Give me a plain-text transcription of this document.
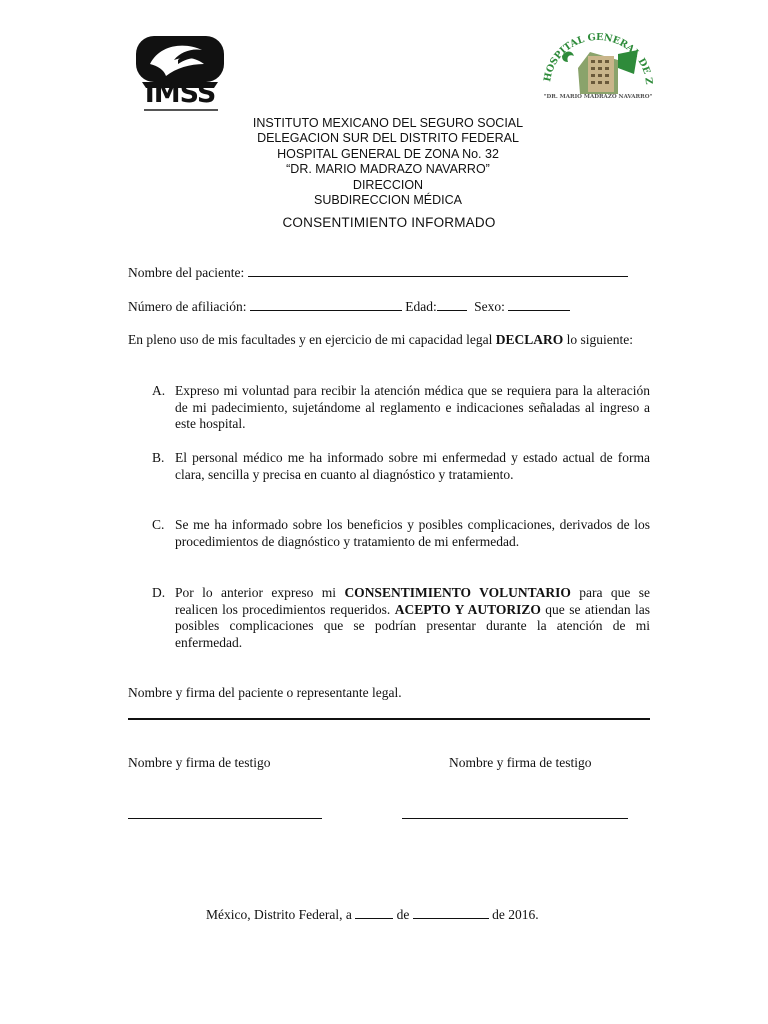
IMSS
HOSPITAL GENERAL DE Z
"DR. MARIO MADRAZO NAVARRO"
INSTITUTO MEXICANO DEL SEGURO SOCIAL
DELEGACION SUR DEL DISTRITO FEDERAL
HOSPITAL GENERAL DE ZONA No. 32
“DR. MARIO MADRAZO NAVARRO”
DIRECCION
SUBDIRECCION MÉDICA
CONSENTIMIENTO INFORMADO
Nombre del paciente:
Número de afiliación:	Edad:	Sexo:
En pleno uso de mis facultades y en ejercicio de mi capacidad legal DECLARO lo siguiente:
A. Expreso mi voluntad para recibir la atención médica que se requiera para la alteración de mi padecimiento, sujetándome al reglamento e indicaciones señaladas al ingreso a este hospital.
B. El personal médico me ha informado sobre mi enfermedad y estado actual de forma clara, sencilla y precisa en cuanto al diagnóstico y tratamiento.
C. Se me ha informado sobre los beneficios y posibles complicaciones, derivados de los procedimientos de diagnóstico y tratamiento de mi enfermedad.
D. Por lo anterior expreso mi CONSENTIMIENTO VOLUNTARIO para que se realicen los procedimientos requeridos. ACEPTO Y AUTORIZO que se atiendan las posibles complicaciones que se podrían presentar durante la atención de mi enfermedad.
Nombre y firma del paciente o representante legal.
Nombre y firma de testigo	Nombre y firma de testigo
México, Distrito Federal, a	de	de 2016.
